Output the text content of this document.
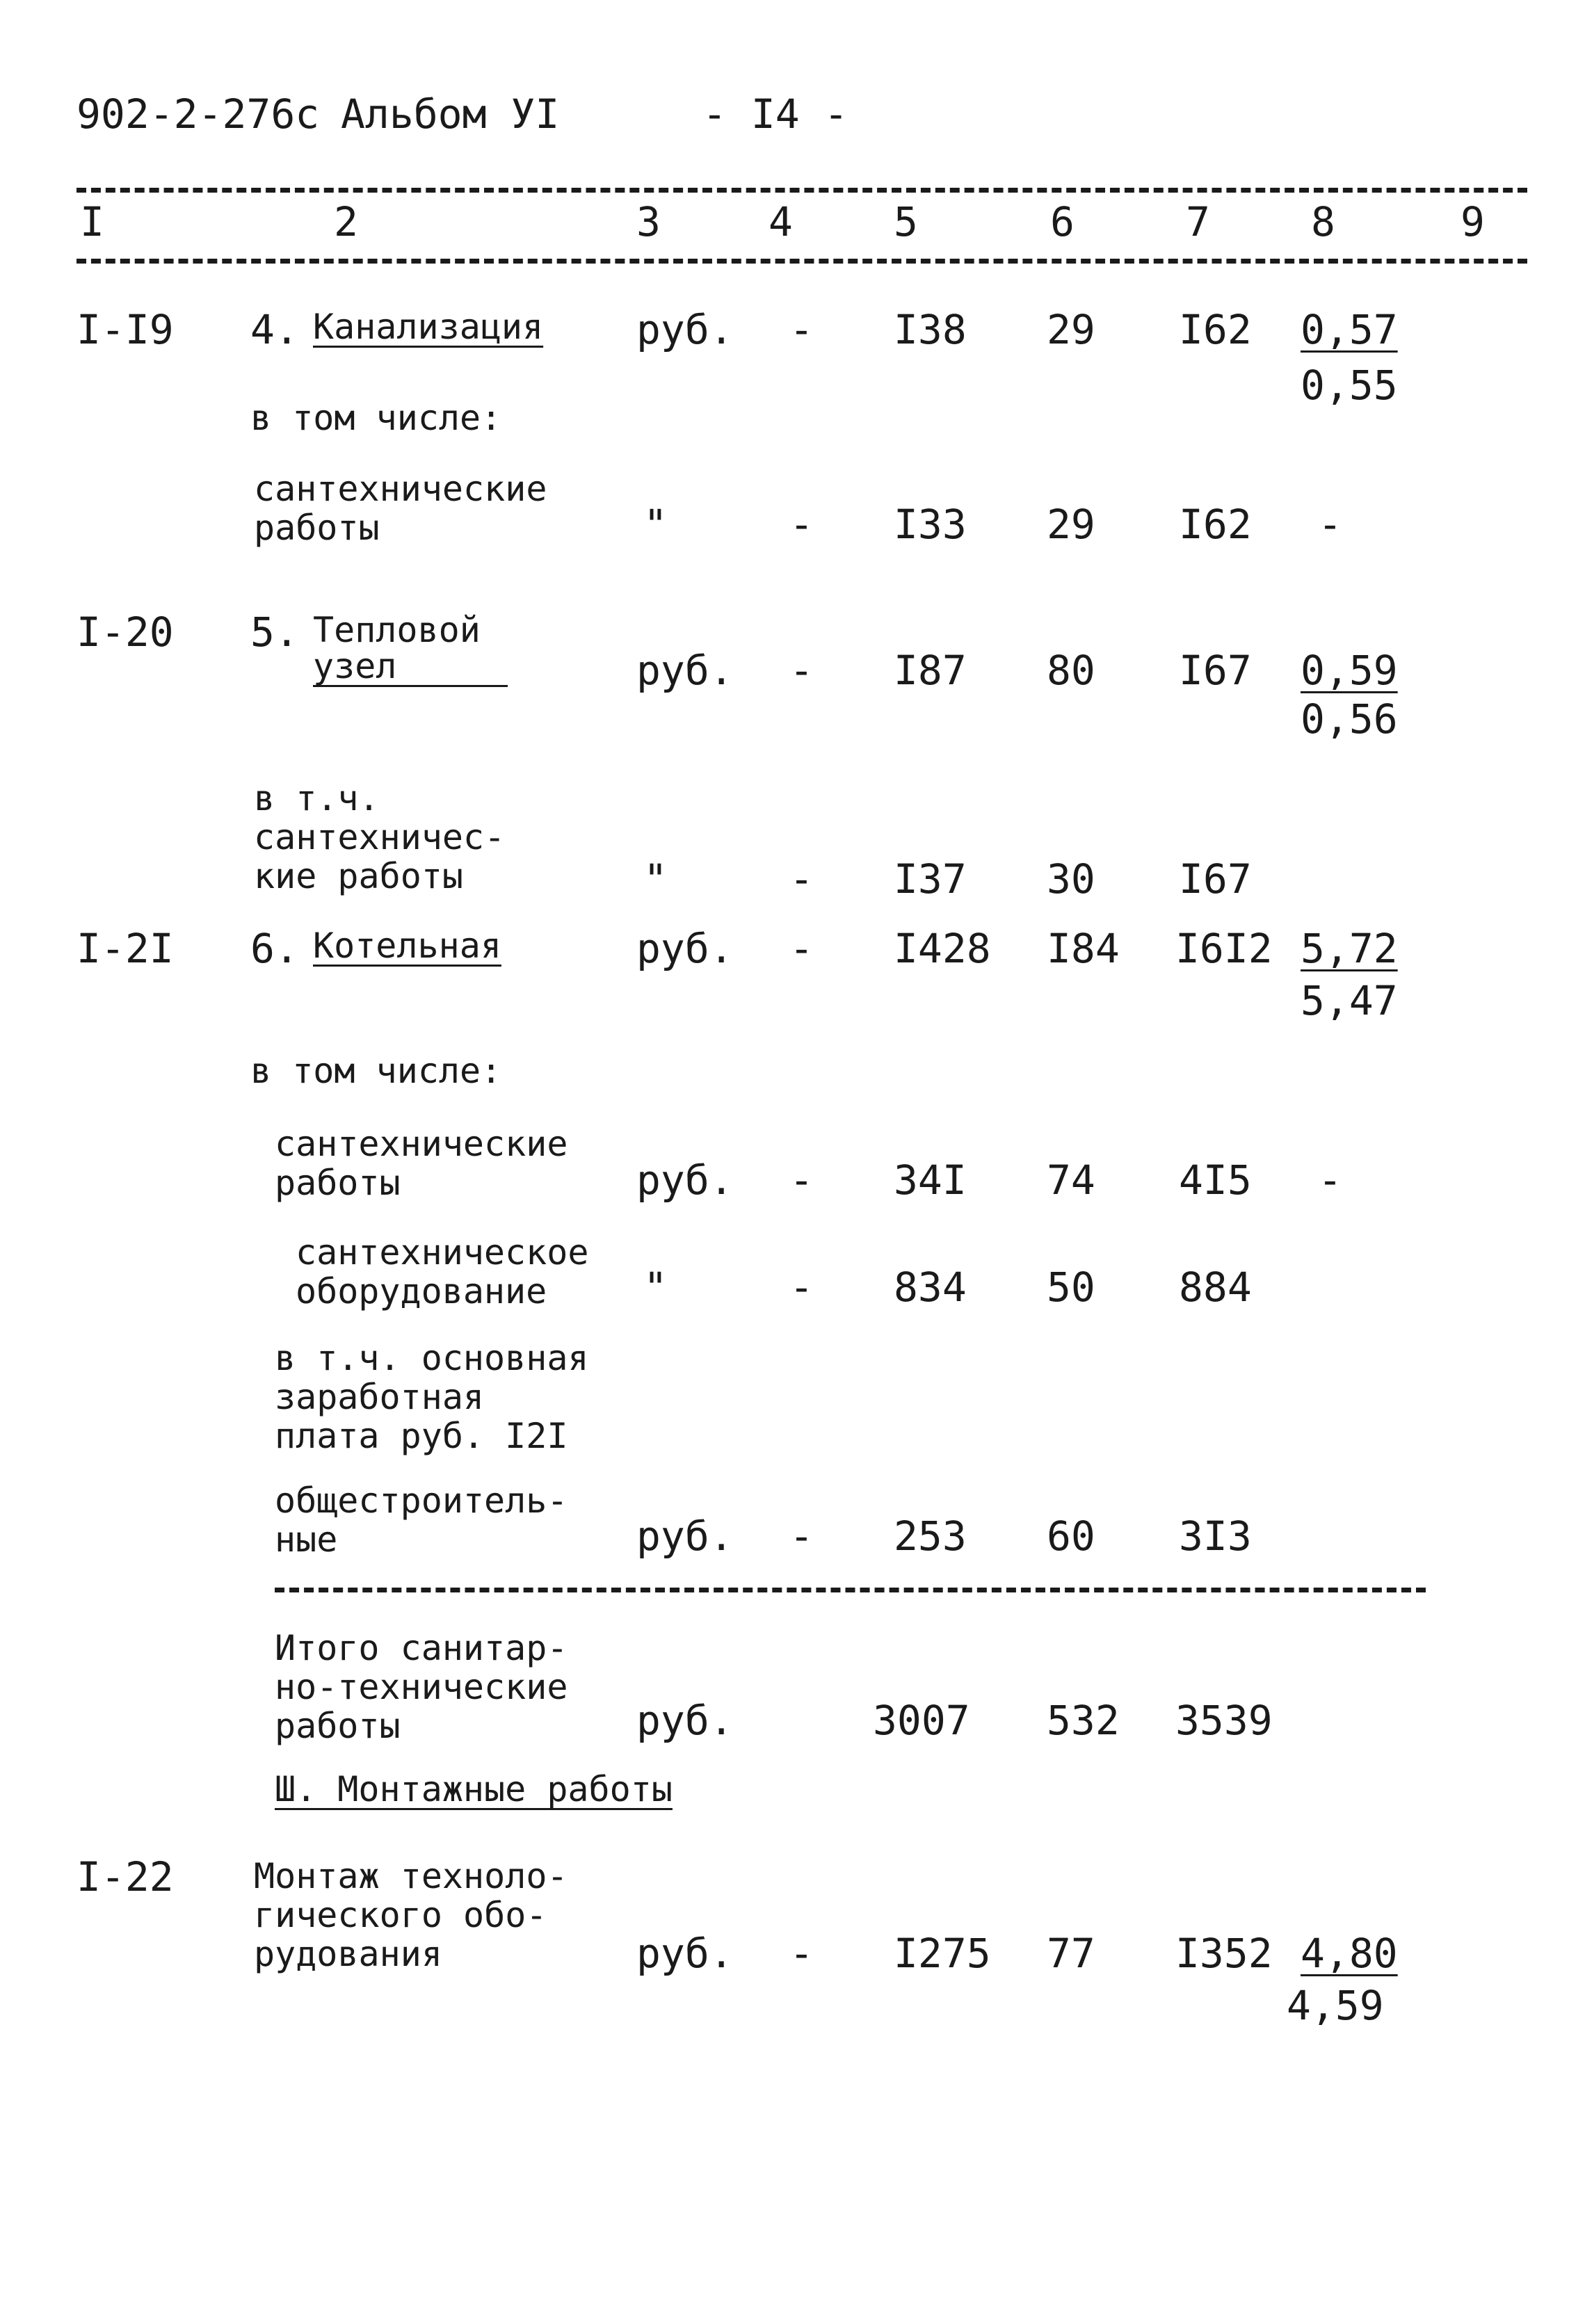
902-2-276с Альбом УI	- I4 -
I	2	3	4	5	6	7	8	9
I-I9 4. Канализация руб. - I38 29 I62 0,57
0,55
в том числе:
сантехнические
работы	"	- I33 29 I62 -
I-20 5. Тепловой
узел	руб. - I87 80 I67 0,59
0,56
в т.ч.
сантехничес-
кие работы	"	- I37 30 I67
I-2I 6. Котельная	руб. - I428 I84 I6I2 5,72
5,47
в том числе:
сантехнические
работы	руб. - 34I 74 4I5 -
сантехническое
оборудование	"	- 834 50 884
в т.ч. основная
заработная
плата руб. I2I
общестроитель-
ные	руб. - 253 60 3I3
Итого санитар-
но-технические
работы	руб.	3007 532 3539
Ш. Монтажные работы
I-22 Монтаж техноло-
гического обо-
рудования	руб. - I275 77 I352 4,80
4,59
